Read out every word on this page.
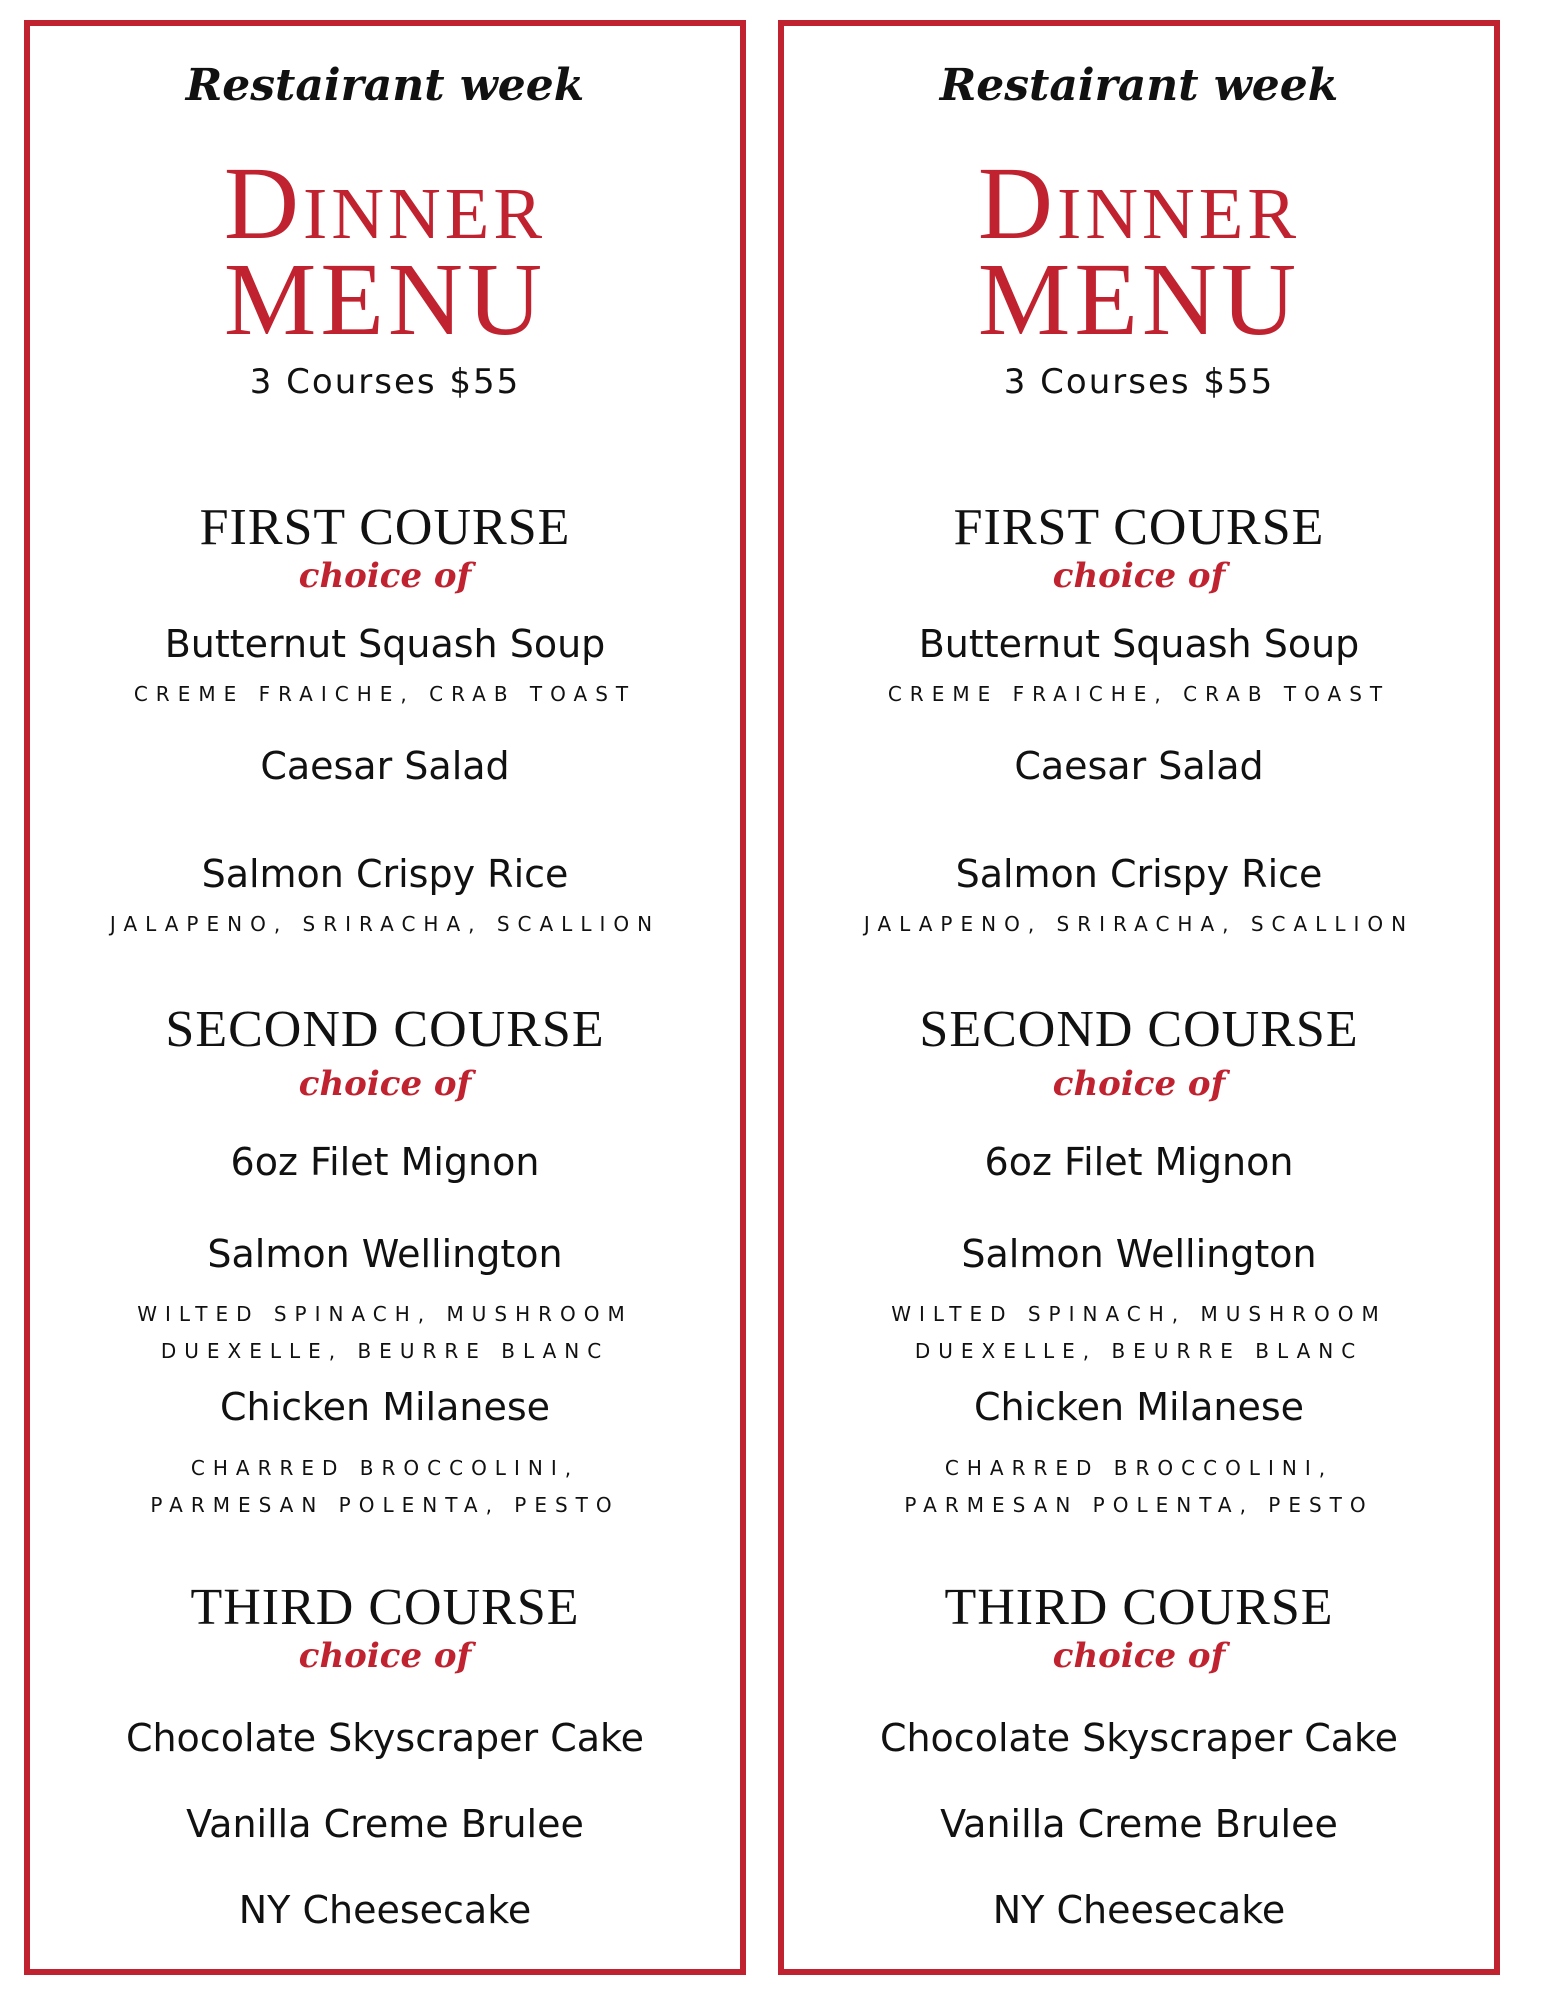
Restairant week

Dinner

MENU

3 Courses $55

FIRST COURSE

choice of

Butternut Squash Soup

CREME FRAICHE, CRAB TOAST

Caesar Salad

Salmon Crispy Rice

JALAPENO, SRIRACHA, SCALLION

SECOND COURSE

choice of

6oz Filet Mignon

Salmon Wellington

WILTED SPINACH, MUSHROOM

DUEXELLE, BEURRE BLANC

Chicken Milanese

CHARRED BROCCOLINI,

PARMESAN POLENTA, PESTO

THIRD COURSE

choice of

Chocolate Skyscraper Cake

Vanilla Creme Brulee

NY Cheesecake

Restairant week

Dinner

MENU

3 Courses $55

FIRST COURSE

choice of

Butternut Squash Soup

CREME FRAICHE, CRAB TOAST

Caesar Salad

Salmon Crispy Rice

JALAPENO, SRIRACHA, SCALLION

SECOND COURSE

choice of

6oz Filet Mignon

Salmon Wellington

WILTED SPINACH, MUSHROOM

DUEXELLE, BEURRE BLANC

Chicken Milanese

CHARRED BROCCOLINI,

PARMESAN POLENTA, PESTO

THIRD COURSE

choice of

Chocolate Skyscraper Cake

Vanilla Creme Brulee

NY Cheesecake
